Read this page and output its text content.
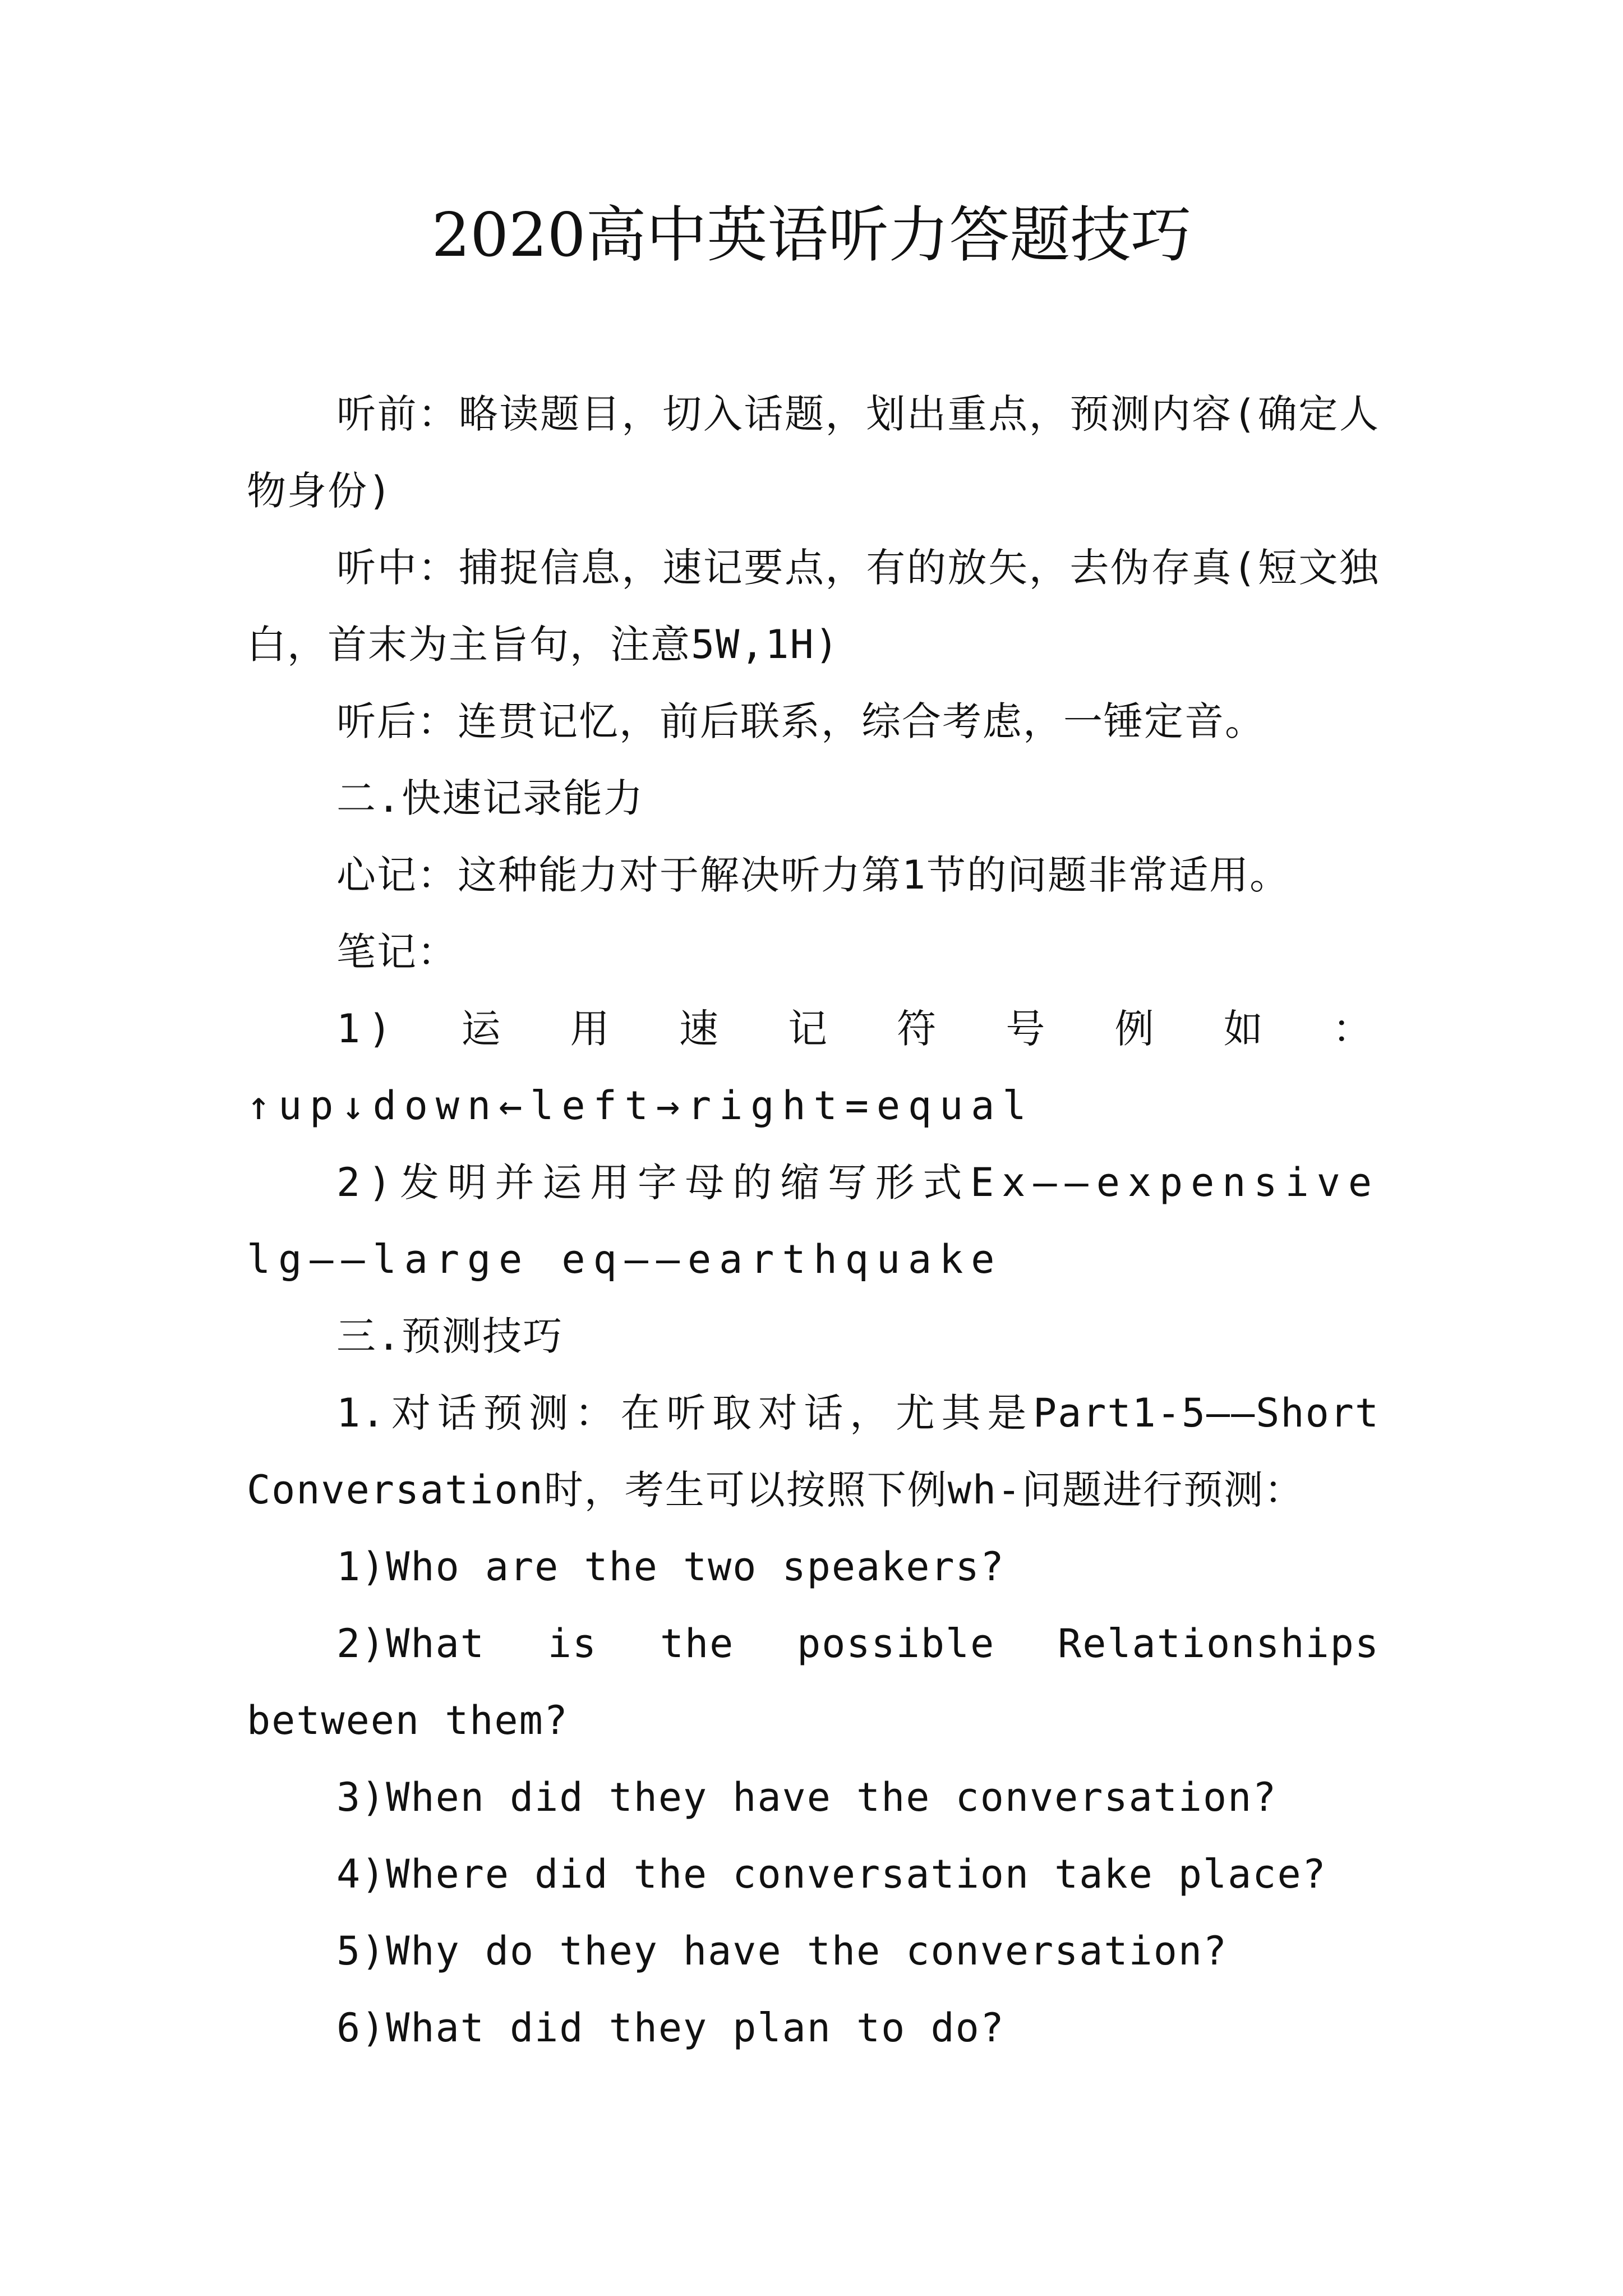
2020高中英语听力答题技巧

听前：略读题目，切入话题，划出重点，预测内容(确定人物身份)

听中：捕捉信息，速记要点，有的放矢，去伪存真(短文独白，首末为主旨句，注意5W,1H)

听后：连贯记忆，前后联系，综合考虑，一锤定音。

二.快速记录能力

心记：这种能力对于解决听力第1节的问题非常适用。

笔记：

1)运用速记符号例如：↑up↓down←left→right=equal

2)发明并运用字母的缩写形式Ex——expensive lg——large eq——earthquake

三.预测技巧

1.对话预测：在听取对话，尤其是Part1-5——Short Conversation时，考生可以按照下例wh-问题进行预测：

1)Who are the two speakers?

2)What is the possible Relationships between them?

3)When did they have the conversation?

4)Where did the conversation take place?

5)Why do they have the conversation?

6)What did they plan to do?
